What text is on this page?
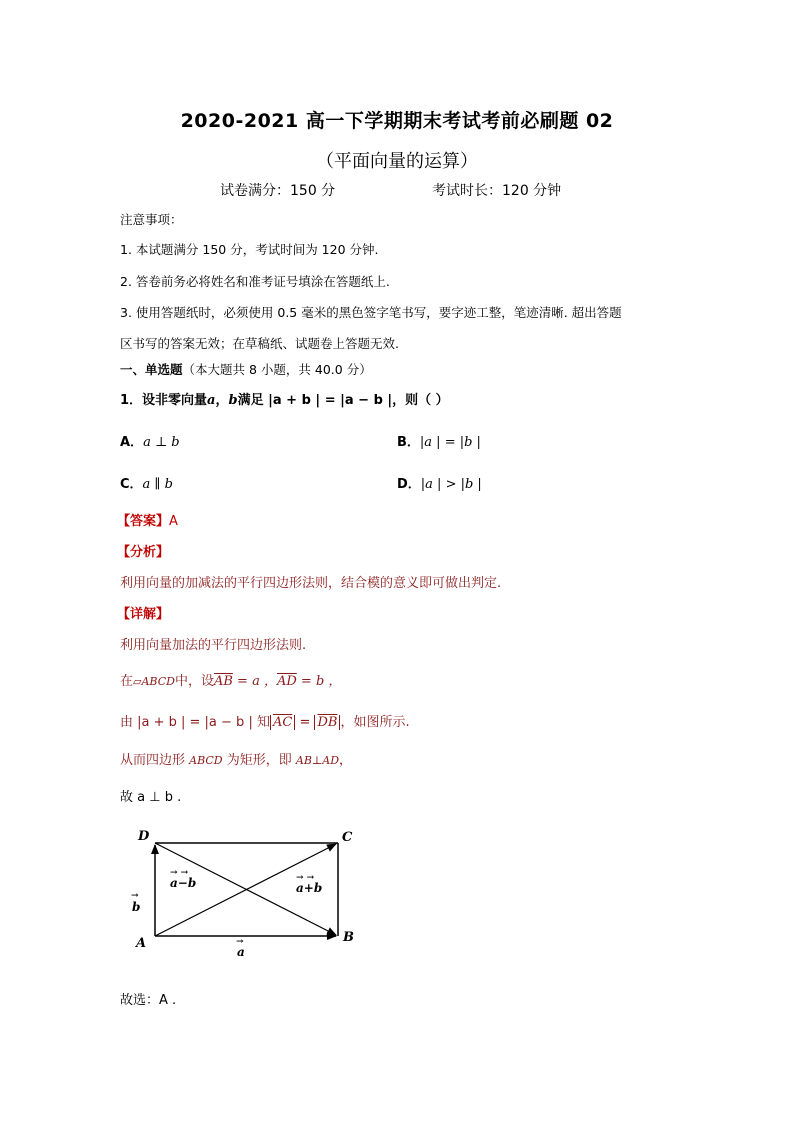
2020-2021 高一下学期期末考试考前必刷题 02
（平面向量的运算）
试卷满分：150 分	考试时长：120 分钟
注意事项：
1. 本试题满分 150 分，考试时间为 120 分钟.
2. 答卷前务必将姓名和准考证号填涂在答题纸上.
3. 使用答题纸时，必须使用 0.5 毫米的黑色签字笔书写，要字迹工整，笔迹清晰. 超出答题
区书写的答案无效；在草稿纸、试题卷上答题无效.
一、单选题（本大题共 8 小题，共 40.0 分）
1．设非零向量a，b满足 |a + b | = |a − b |，则（ ）
A．a ⊥ b	B．|a | = |b |
C．a ∥ b	D．|a | > |b |
【答案】A
【分析】
利用向量的加减法的平行四边形法则，结合模的意义即可做出判定.
【详解】
利用向量加法的平行四边形法则.
在▱ABCD中，设$\overline{AB} = a$ ，$\overline{AD} = b$ ，
由 |a + b | = |a − b | 知 $\overline{AC} = \overline{DB}$ ，如图所示.
从而四边形 ABCD 为矩形，即 AB⊥AD，
故 a ⊥ b .
D	C
A	B
b
→
a
→
a−b
→ →
a+b
→ →
故选：A .
